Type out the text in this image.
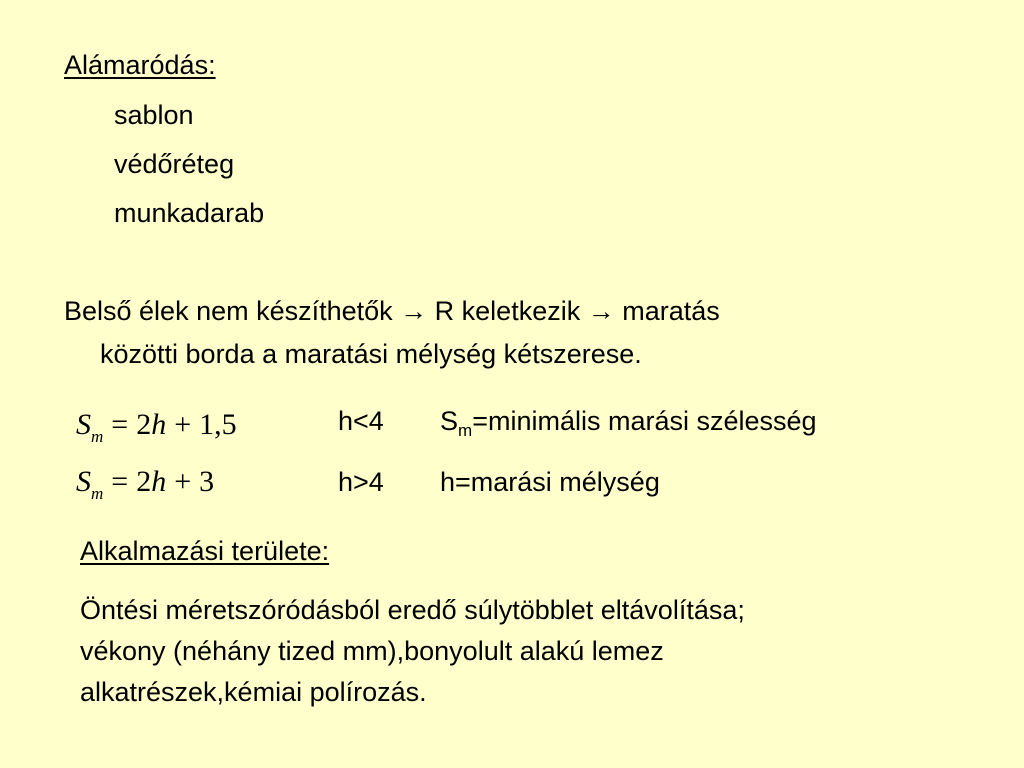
Alámaródás:
sablon
védőréteg
munkadarab
Belső élek nem készíthetők → R keletkezik → maratás
közötti borda a maratási mélység kétszerese.
$S_m = 2h + 1,5$	h<4 $S_m=minimális$ marási szélesség
$S_m = 2h + 3$	h>4 h=marási mélység
Alkalmazási területe:
Öntési méretszóródásból eredő súlytöbblet eltávolítása;
vékony (néhány tized mm),bonyolult alakú lemez
alkatrészek,kémiai polírozás.
